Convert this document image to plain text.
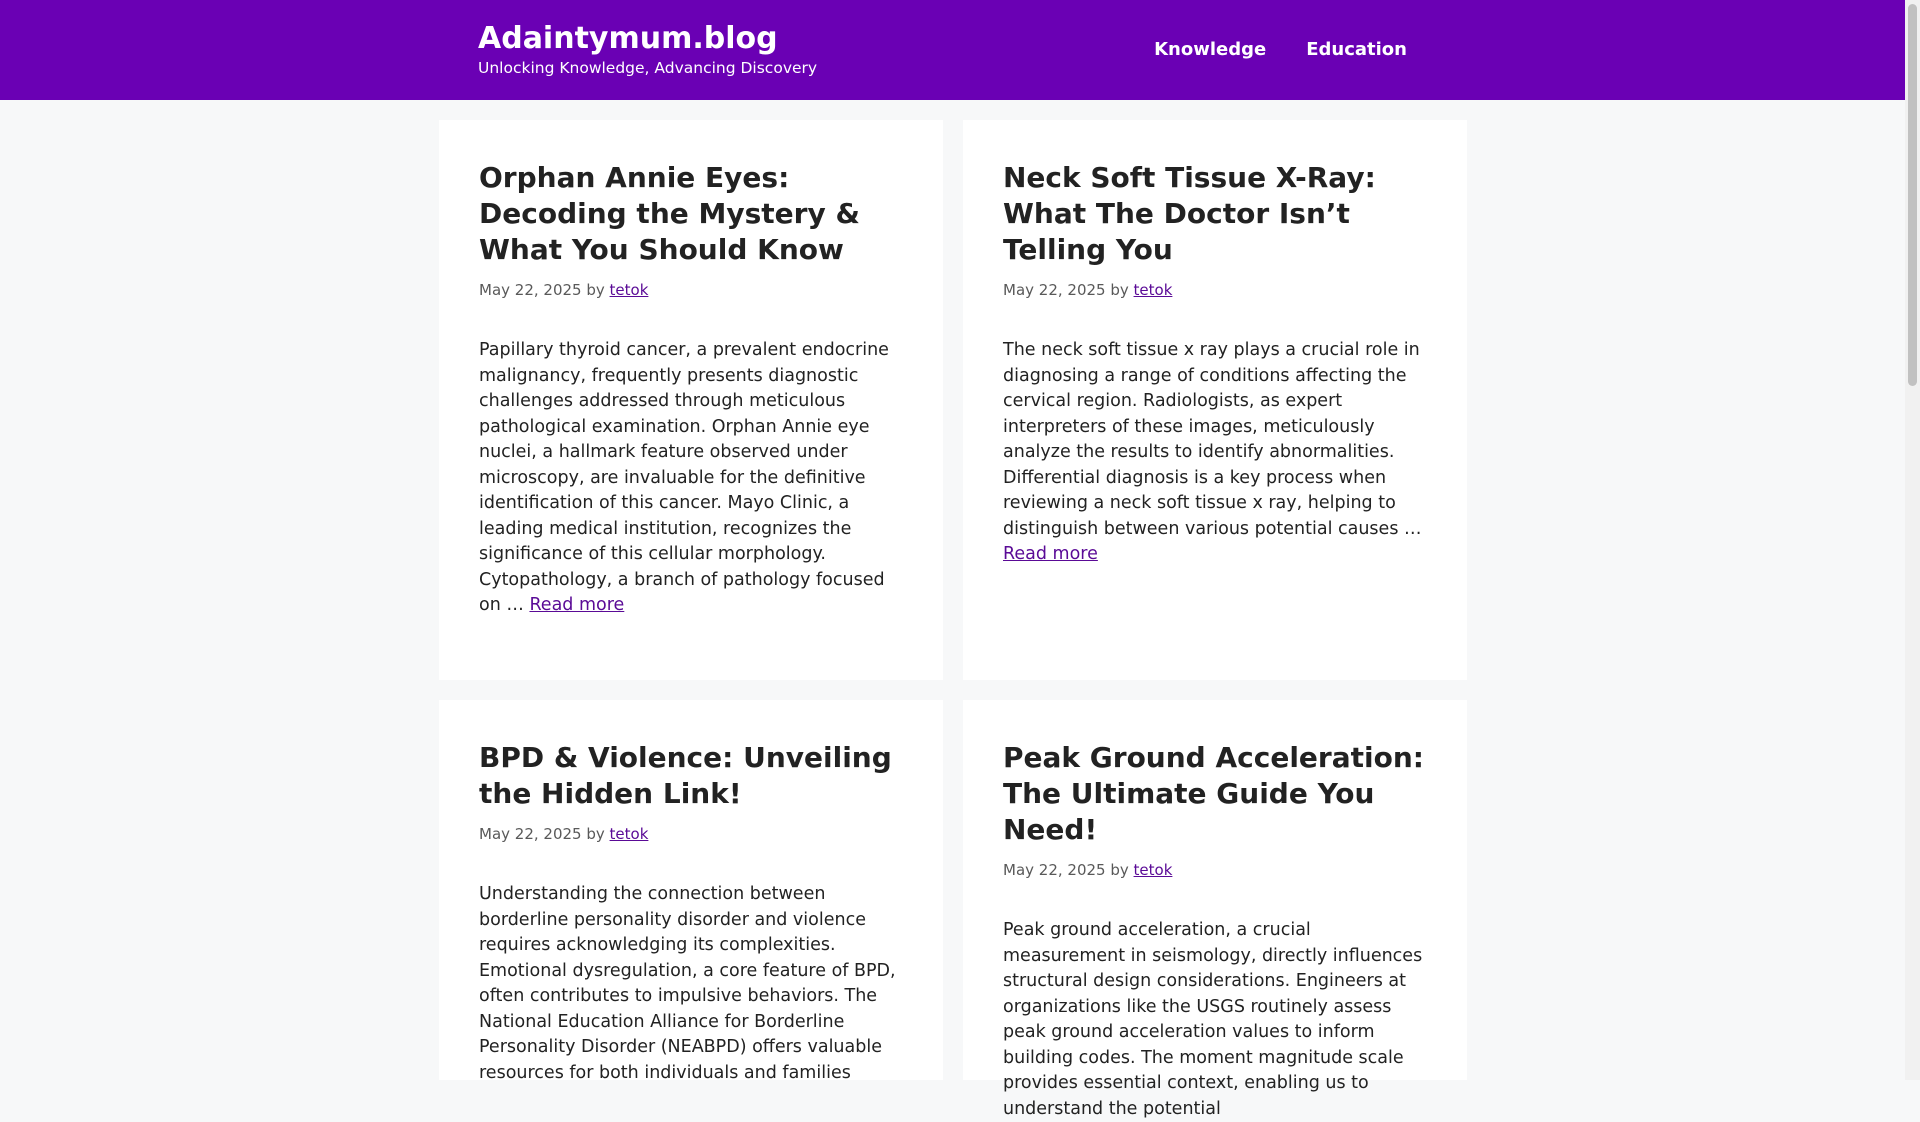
Adaintymum.blog
Unlocking Knowledge, Advancing Discovery
Knowledge Education
Orphan Annie Eyes: Decoding the Mystery & What You Should Know
May 22, 2025 by tetok
Papillary thyroid cancer, a prevalent endocrine malignancy, frequently presents diagnostic challenges addressed through meticulous pathological examination. Orphan Annie eye nuclei, a hallmark feature observed under microscopy, are invaluable for the definitive identification of this cancer. Mayo Clinic, a leading medical institution, recognizes the significance of this cellular morphology. Cytopathology, a branch of pathology focused on … Read more
Neck Soft Tissue X-Ray: What The Doctor Isn’t Telling You
May 22, 2025 by tetok
The neck soft tissue x ray plays a crucial role in diagnosing a range of conditions affecting the cervical region. Radiologists, as expert interpreters of these images, meticulously analyze the results to identify abnormalities. Differential diagnosis is a key process when reviewing a neck soft tissue x ray, helping to distinguish between various potential causes … Read more
BPD & Violence: Unveiling the Hidden Link!
May 22, 2025 by tetok
Understanding the connection between borderline personality disorder and violence requires acknowledging its complexities. Emotional dysregulation, a core feature of BPD, often contributes to impulsive behaviors. The National Education Alliance for Borderline Personality Disorder (NEABPD) offers valuable resources for both individuals and families
Peak Ground Acceleration: The Ultimate Guide You Need!
May 22, 2025 by tetok
Peak ground acceleration, a crucial measurement in seismology, directly influences structural design considerations. Engineers at organizations like the USGS routinely assess peak ground acceleration values to inform building codes. The moment magnitude scale provides essential context, enabling us to understand the potential
